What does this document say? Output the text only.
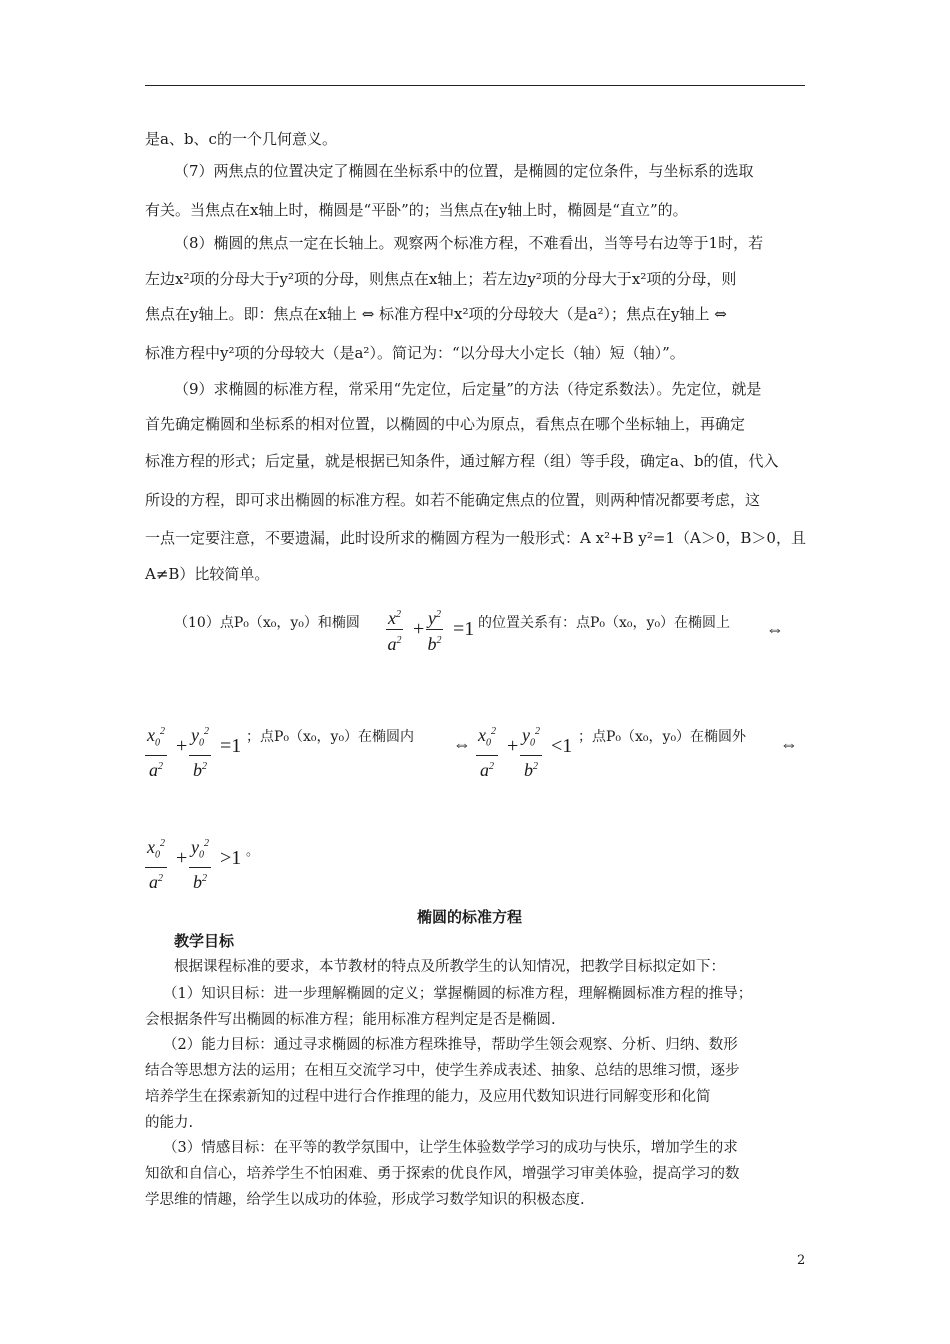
是a、b、c的一个几何意义。
（7）两焦点的位置决定了椭圆在坐标系中的位置，是椭圆的定位条件，与坐标系的选取
有关。当焦点在x轴上时，椭圆是“平卧”的；当焦点在y轴上时，椭圆是“直立”的。
（8）椭圆的焦点一定在长轴上。观察两个标准方程，不难看出，当等号右边等于1时，若
左边x²项的分母大于y²项的分母，则焦点在x轴上；若左边y²项的分母大于x²项的分母，则
焦点在y轴上。即：焦点在x轴上 ⇔ 标准方程中x²项的分母较大（是a²）；焦点在y轴上 ⇔
标准方程中y²项的分母较大（是a²）。简记为：“以分母大小定长（轴）短（轴）”。
（9）求椭圆的标准方程，常采用“先定位，后定量”的方法（待定系数法）。先定位，就是
首先确定椭圆和坐标系的相对位置，以椭圆的中心为原点，看焦点在哪个坐标轴上，再确定
标准方程的形式；后定量，就是根据已知条件，通过解方程（组）等手段，确定a、b的值，代入
所设的方程，即可求出椭圆的标准方程。如若不能确定焦点的位置，则两种情况都要考虑，这
一点一定要注意，不要遗漏，此时设所求的椭圆方程为一般形式：A x²+B y²=1（A＞0，B＞0，且
A≠B）比较简单。
（10）点P₀（x₀，y₀）和椭圆 $\frac{x^2}{a^2} + \frac{y^2}{b^2} =1$ 的位置关系有：点P₀（x₀，y₀）在椭圆上 ⇔
$\frac{x_0^2}{a^2} + \frac{y_0^2}{b^2} =1$ ；点P₀（x₀，y₀）在椭圆内 ⇔ $\frac{x_0^2}{a^2} + \frac{y_0^2}{b^2} <1$ ；点P₀（x₀，y₀）在椭圆外 ⇔
$\frac{x_0^2}{a^2} + \frac{y_0^2}{b^2} >1$ 。
椭圆的标准方程
教学目标
根据课程标准的要求，本节教材的特点及所教学生的认知情况，把教学目标拟定如下：
（1）知识目标：进一步理解椭圆的定义；掌握椭圆的标准方程，理解椭圆标准方程的推导；
会根据条件写出椭圆的标准方程；能用标准方程判定是否是椭圆.
（2）能力目标：通过寻求椭圆的标准方程珠推导，帮助学生领会观察、分析、归纳、数形
结合等思想方法的运用；在相互交流学习中，使学生养成表述、抽象、总结的思维习惯，逐步
培养学生在探索新知的过程中进行合作推理的能力，及应用代数知识进行同解变形和化简
的能力.
（3）情感目标：在平等的教学氛围中，让学生体验数学学习的成功与快乐，增加学生的求
知欲和自信心，培养学生不怕困难、勇于探索的优良作风，增强学习审美体验，提高学习的数
学思维的情趣，给学生以成功的体验，形成学习数学知识的积极态度.
2
